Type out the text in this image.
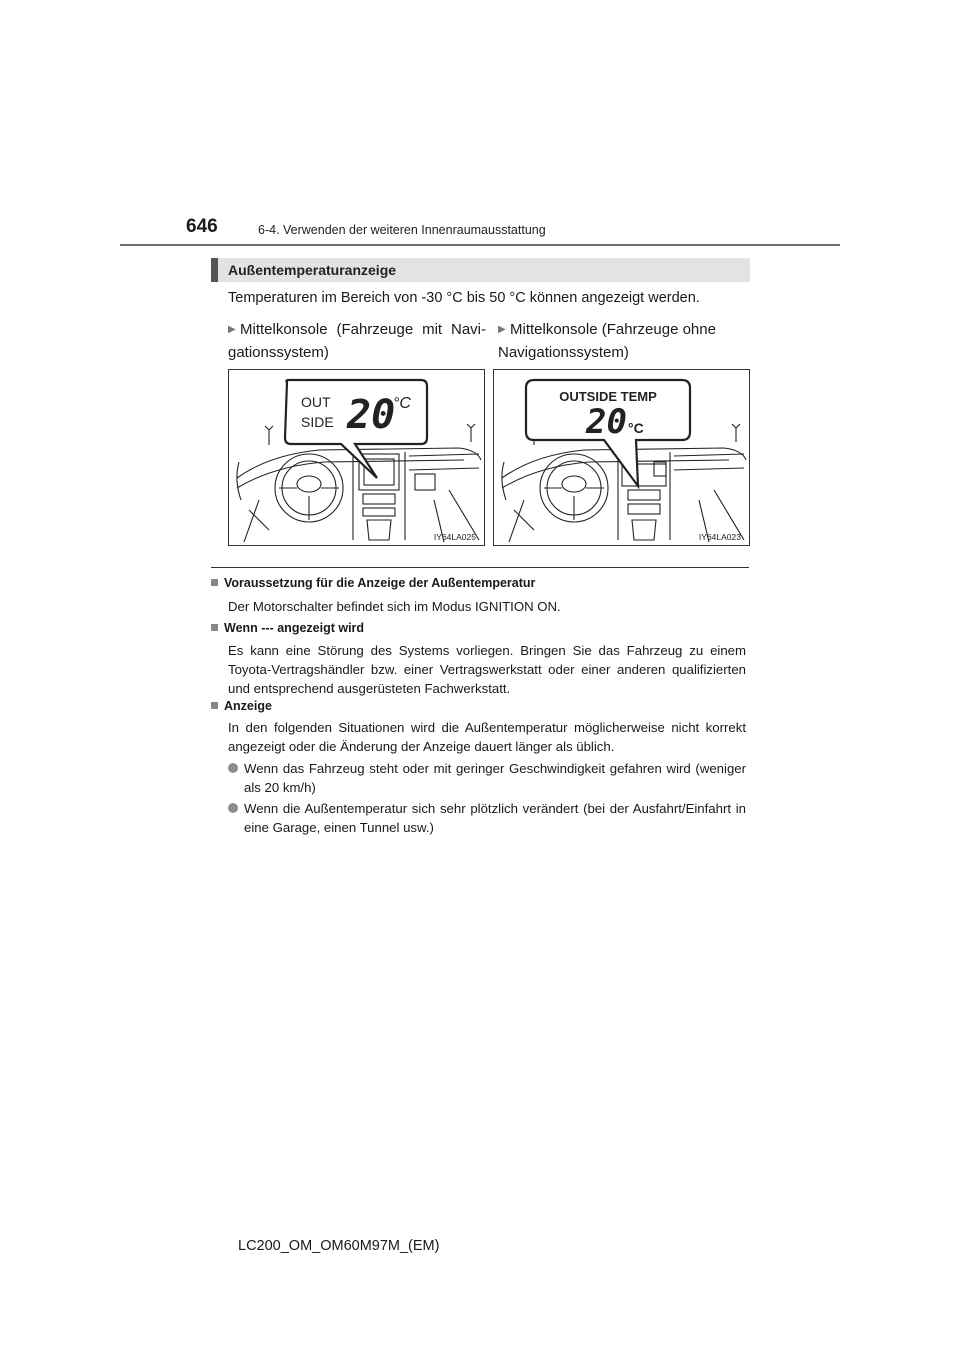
646	6-4. Verwenden der weiteren Innenraumausstattung
Außentemperaturanzeige
Temperaturen im Bereich von -30 °C bis 50 °C können angezeigt werden.
▶ Mittelkonsole (Fahrzeuge mit Navi-gationssystem)
▶ Mittelkonsole (Fahrzeuge ohne Navigationssystem)
OUT
SIDE 20
°C
IY64LA025
OUTSIDE TEMP
20 °C
IY64LA023
Voraussetzung für die Anzeige der Außentemperatur
Der Motorschalter befindet sich im Modus IGNITION ON.
Wenn --- angezeigt wird
Es kann eine Störung des Systems vorliegen. Bringen Sie das Fahrzeug zu einem Toyota-Vertragshändler bzw. einer Vertragswerkstatt oder einer anderen qualifizierten und entsprechend ausgerüsteten Fachwerkstatt.
Anzeige
In den folgenden Situationen wird die Außentemperatur möglicherweise nicht korrekt angezeigt oder die Änderung der Anzeige dauert länger als üblich.
Wenn das Fahrzeug steht oder mit geringer Geschwindigkeit gefahren wird (weniger als 20 km/h)
Wenn die Außentemperatur sich sehr plötzlich verändert (bei der Ausfahrt/Einfahrt in eine Garage, einen Tunnel usw.)
LC200_OM_OM60M97M_(EM)
